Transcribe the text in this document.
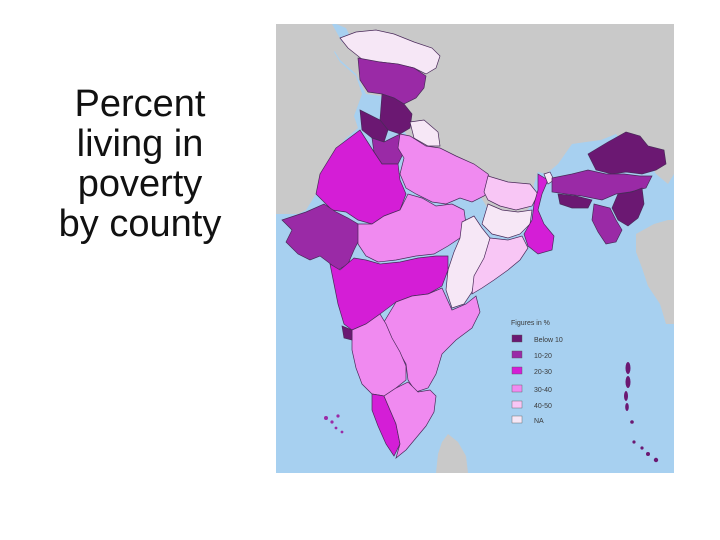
Percent
living in
poverty
by county
Figures in %
Below 10
10-20
20-30
30-40
40-50
NA
